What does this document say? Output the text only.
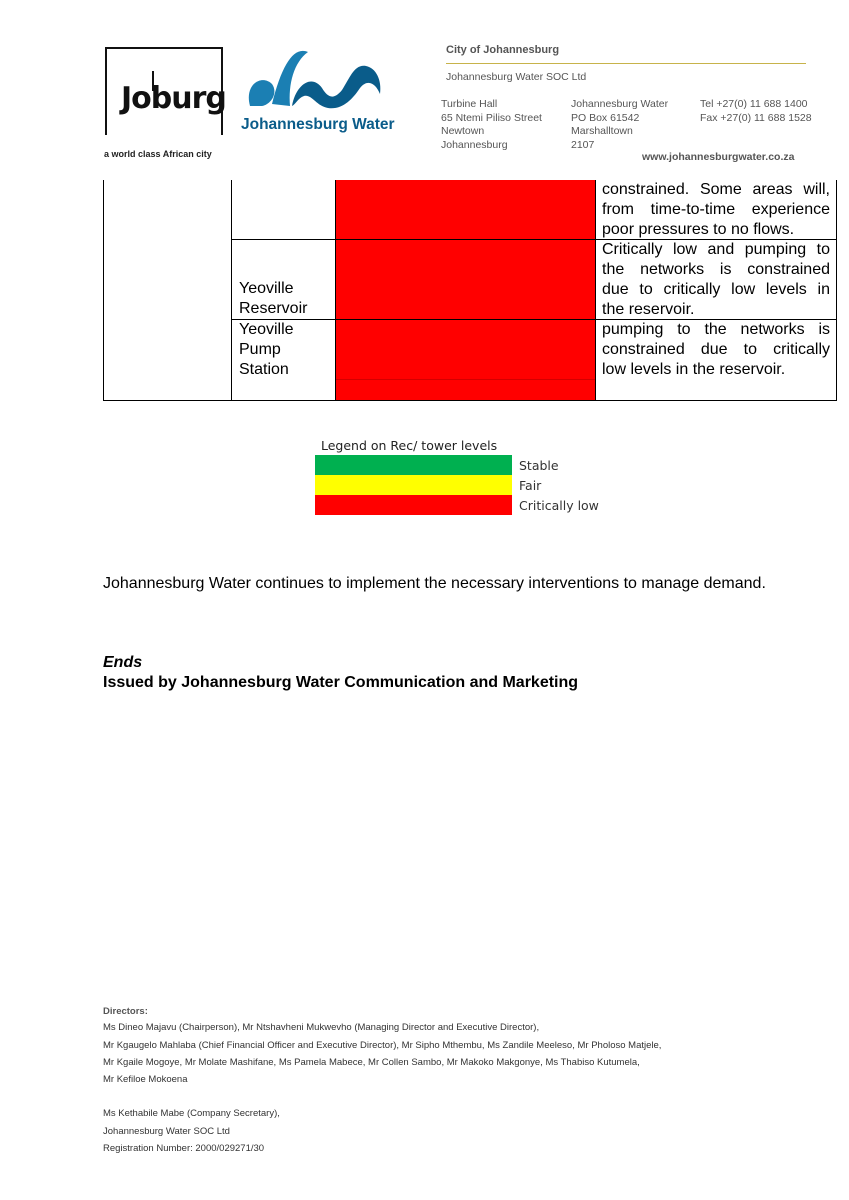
Joburg
a world class African city
Johannesburg Water
City of Johannesburg
Johannesburg Water SOC Ltd
Turbine Hall
65 Ntemi Piliso Street
Newtown
Johannesburg
Johannesburg Water
PO Box 61542
Marshalltown
2107
Tel +27(0) 11 688 1400
Fax +27(0) 11 688 1528
www.johannesburgwater.co.za
constrained. Some areas will,
from time-to-time experience
poor pressures to no flows.
Yeoville
Reservoir
Critically low and pumping to
the networks is constrained
due to critically low levels in
the reservoir.
Yeoville
Pump
Station
pumping to the networks is
constrained due to critically
low levels in the reservoir.
Legend on Rec/ tower levels
Stable
Fair
Critically low
Johannesburg Water continues to implement the necessary interventions to manage demand.
Ends
Issued by Johannesburg Water Communication and Marketing
Directors:
Ms Dineo Majavu (Chairperson), Mr Ntshavheni Mukwevho (Managing Director and Executive Director),
Mr Kgaugelo Mahlaba (Chief Financial Officer and Executive Director), Mr Sipho Mthembu, Ms Zandile Meeleso, Mr Pholoso Matjele,
Mr Kgaile Mogoye, Mr Molate Mashifane, Ms Pamela Mabece, Mr Collen Sambo, Mr Makoko Makgonye, Ms Thabiso Kutumela,
Mr Kefiloe Mokoena
Ms Kethabile Mabe (Company Secretary),
Johannesburg Water SOC Ltd
Registration Number: 2000/029271/30
